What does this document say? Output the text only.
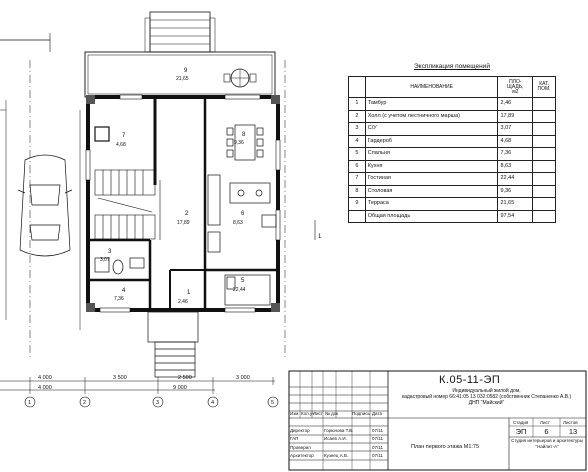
9
21,65
7
4,68
8
9,36
2
17,89
6
8,63
3
3,07
4
7,36
5
22,44
1
2,46
1
4 000	3 500	2 500	3 000
4 000	9 000
1	2	3	4	5
Экспликация помещений
	НАИМЕНОВАНИЕ	ПЛО-
ЩАДЬ,
м2	КАТ.
ПОМ.
1	Тамбур	2,46	
2	Холл (с учетом лестничного марша)	17,89	
3	С/У	3,07	
4	Гардероб	4,68	
5	Спальня	7,36	
6	Кухня	8,63	
7	Гостиная	22,44	
8	Столовая	9,36	
9	Терраса	21,65	
	Общая площадь	97,54	
К.05-11-ЭП
Индивидуальный жилой дом,
кадастровый номер 66:41:05 13 032:0582 (собственник Степаненко А.В.)
ДНП "Майский"
Изм Кол.уч
Лист № док	Подпись Дата
Директор	Горюнова Т.В.	07/11
ГАП	Исаев А.И.	07/11
Проверил	07/11
Архитектор Кузнец А.В.	07/11
Стадия	Лист	Листов
ЭП	6	13
План первого этажа М1:75
Студия интерьеров и архитектуры
"Найлит-А"
